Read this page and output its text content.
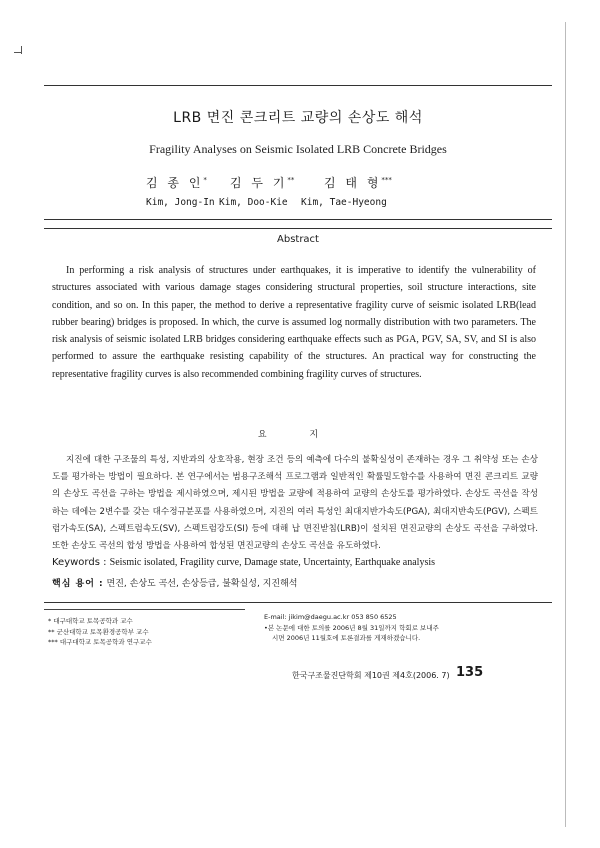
LRB 면진 콘크리트 교량의 손상도 해석
Fragility Analyses on Seismic Isolated LRB Concrete Bridges
김 종 인* 김 두 기** 김 태 형***
Kim, Jong-In Kim, Doo-Kie Kim, Tae-Hyeong
Abstract

In performing a risk analysis of structures under earthquakes, it is imperative to identify the vulnerability of structures associated with various damage stages considering structural properties, soil structure interactions, site condition, and so on. In this paper, the method to derive a representative fragility curve of seismic isolated LRB(lead rubber bearing) bridges is proposed. In which, the curve is assumed log normally distribution with two parameters. The risk analysis of seismic isolated LRB bridges considering earthquake effects such as PGA, PGV, SA, SV, and SI is also performed to assure the earthquake resisting capability of the structures. An practical way for constructing the representative fragility curves is also recommended combining fragility curves of structures.

요 지

지진에 대한 구조물의 특성, 지반과의 상호작용, 현장 조건 등의 예측에 다수의 불확실성이 존재하는 경우 그 취약성 또는 손상도를 평가하는 방법이 필요하다. 본 연구에서는 범용구조해석 프로그램과 일반적인 확률밀도함수를 사용하여 면진 콘크리트 교량의 손상도 곡선을 구하는 방법을 제시하였으며, 제시된 방법을 교량에 적용하여 교량의 손상도를 평가하였다. 손상도 곡선을 작성하는 데에는 2변수를 갖는 대수정규분포를 사용하였으며, 지진의 여러 특성인 최대지반가속도(PGA), 최대지반속도(PGV), 스펙트럼가속도(SA), 스펙트럼속도(SV), 스펙트럼강도(SI) 등에 대해 납 면진받침(LRB)이 설치된 면진교량의 손상도 곡선을 구하였다. 또한 손상도 곡선의 합성 방법을 사용하여 합성된 면진교량의 손상도 곡선을 유도하였다.

Keywords : Seismic isolated, Fragility curve, Damage state, Uncertainty, Earthquake analysis
핵심 용어 : 면진, 손상도 곡선, 손상등급, 불확실성, 지진해석
* 대구대학교 토목공학과 교수
** 군산대학교 토목환경공학부 교수
*** 대구대학교 토목공학과 연구교수
E-mail: jikim@daegu.ac.kr 053 850 6525
•본 논문에 대한 토의를 2006년 8월 31일까지 학회로 보내주
시면 2006년 11월호에 토론결과를 게재하겠습니다.
한국구조물진단학회 제10권 제4호(2006. 7) 135
